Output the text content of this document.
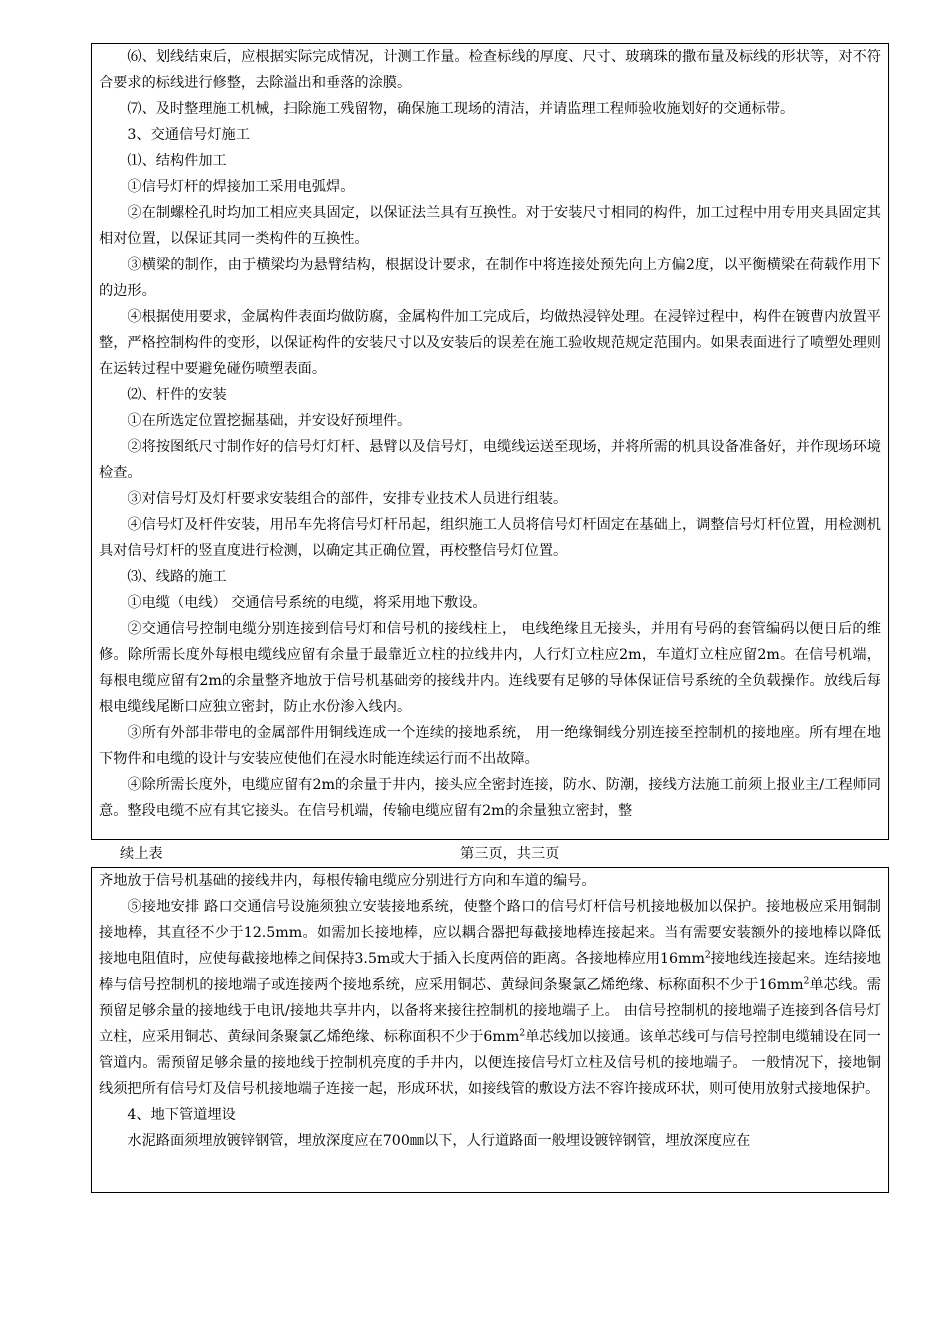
⑹、划线结束后，应根据实际完成情况，计测工作量。检查标线的厚度、尺寸、玻璃珠的撒布量及标线的形状等，对不符合要求的标线进行修整，去除溢出和垂落的涂膜。

⑺、及时整理施工机械，扫除施工残留物，确保施工现场的清洁，并请监理工程师验收施划好的交通标带。

3、交通信号灯施工

⑴、结构件加工

①信号灯杆的焊接加工采用电弧焊。

②在制螺栓孔时均加工相应夹具固定，以保证法兰具有互换性。对于安装尺寸相同的构件，加工过程中用专用夹具固定其相对位置，以保证其同一类构件的互换性。

③横梁的制作，由于横梁均为悬臂结构，根据设计要求，在制作中将连接处预先向上方偏2度，以平衡横梁在荷载作用下的边形。

④根据使用要求，金属构件表面均做防腐，金属构件加工完成后，均做热浸锌处理。在浸锌过程中，构件在镀曹内放置平整，严格控制构件的变形，以保证构件的安装尺寸以及安装后的误差在施工验收规范规定范围内。如果表面进行了喷塑处理则在运转过程中要避免碰伤喷塑表面。

⑵、杆件的安装

①在所选定位置挖掘基础，并安设好预埋件。

②将按图纸尺寸制作好的信号灯灯杆、悬臂以及信号灯，电缆线运送至现场，并将所需的机具设备准备好，并作现场环境检查。

③对信号灯及灯杆要求安装组合的部件，安排专业技术人员进行组装。

④信号灯及杆件安装，用吊车先将信号灯杆吊起，组织施工人员将信号灯杆固定在基础上，调整信号灯杆位置，用检测机具对信号灯杆的竖直度进行检测，以确定其正确位置，再校整信号灯位置。

⑶、线路的施工

①电缆（电线） 交通信号系统的电缆，将采用地下敷设。

②交通信号控制电缆分别连接到信号灯和信号机的接线柱上， 电线绝缘且无接头，并用有号码的套管编码以便日后的维修。除所需长度外每根电缆线应留有余量于最靠近立柱的拉线井内，人行灯立柱应2m，车道灯立柱应留2m。在信号机端，每根电缆应留有2m的余量整齐地放于信号机基础旁的接线井内。连线要有足够的导体保证信号系统的全负载操作。放线后每根电缆线尾断口应独立密封，防止水份渗入线内。

③所有外部非带电的金属部件用铜线连成一个连续的接地系统， 用一绝缘铜线分别连接至控制机的接地座。所有埋在地下物件和电缆的设计与安装应使他们在浸水时能连续运行而不出故障。

④除所需长度外，电缆应留有2m的余量于井内，接头应全密封连接，防水、防潮，接线方法施工前须上报业主/工程师同意。整段电缆不应有其它接头。在信号机端，传输电缆应留有2m的余量独立密封，整

续上表	第三页，共三页

齐地放于信号机基础的接线井内，每根传输电缆应分别进行方向和车道的编号。

⑤接地安排 路口交通信号设施须独立安装接地系统，使整个路口的信号灯杆信号机接地极加以保护。接地极应采用铜制接地棒，其直径不少于12.5mm。如需加长接地棒，应以耦合器把每截接地棒连接起来。当有需要安装额外的接地棒以降低接地电阻值时，应使每截接地棒之间保持3.5m或大于插入长度两倍的距离。各接地棒应用$16mm^2$接地线连接起来。连结接地棒与信号控制机的接地端子或连接两个接地系统，应采用铜芯、黄绿间条聚氯乙烯绝缘、标称面积不少于$16mm^2$单芯线。需预留足够余量的接地线于电讯/接地共享井内，以备将来接往控制机的接地端子上。 由信号控制机的接地端子连接到各信号灯立柱，应采用铜芯、黄绿间条聚氯乙烯绝缘、标称面积不少于$6mm^2$单芯线加以接通。该单芯线可与信号控制电缆辅设在同一管道内。需预留足够余量的接地线于控制机亮度的手井内，以便连接信号灯立柱及信号机的接地端子。 一般情况下，接地铜线须把所有信号灯及信号机接地端子连接一起，形成环状，如接线管的敷设方法不容许接成环状，则可使用放射式接地保护。

4、地下管道埋设

水泥路面须埋放镀锌钢管，埋放深度应在700㎜以下，人行道路面一般埋设镀锌钢管，埋放深度应在
